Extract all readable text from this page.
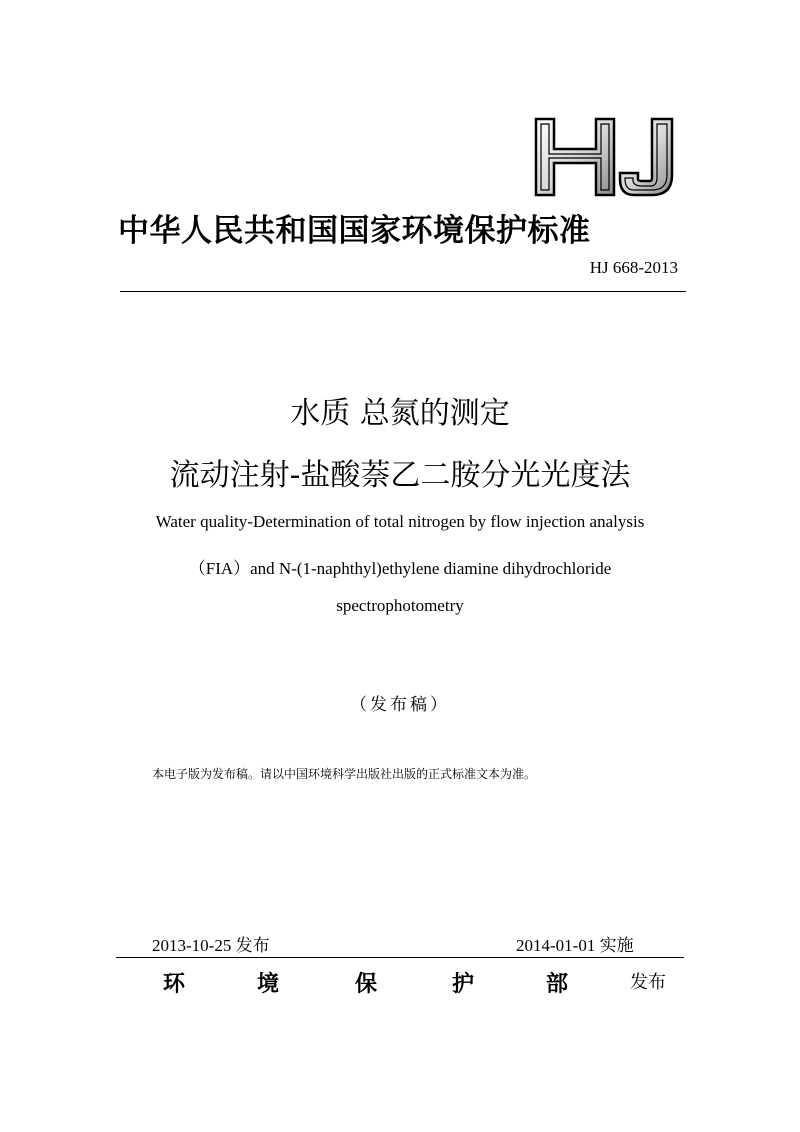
中华人民共和国国家环境保护标准
HJ 668-2013
水质 总氮的测定
流动注射-盐酸萘乙二胺分光光度法
Water quality-Determination of total nitrogen by flow injection analysis
（FIA）and N-(1-naphthyl)ethylene diamine dihydrochloride
spectrophotometry
（发布稿）
本电子版为发布稿。请以中国环境科学出版社出版的正式标准文本为准。
2013-10-25 发布	2014-01-01 实施
环	境	保	护	部	发布
